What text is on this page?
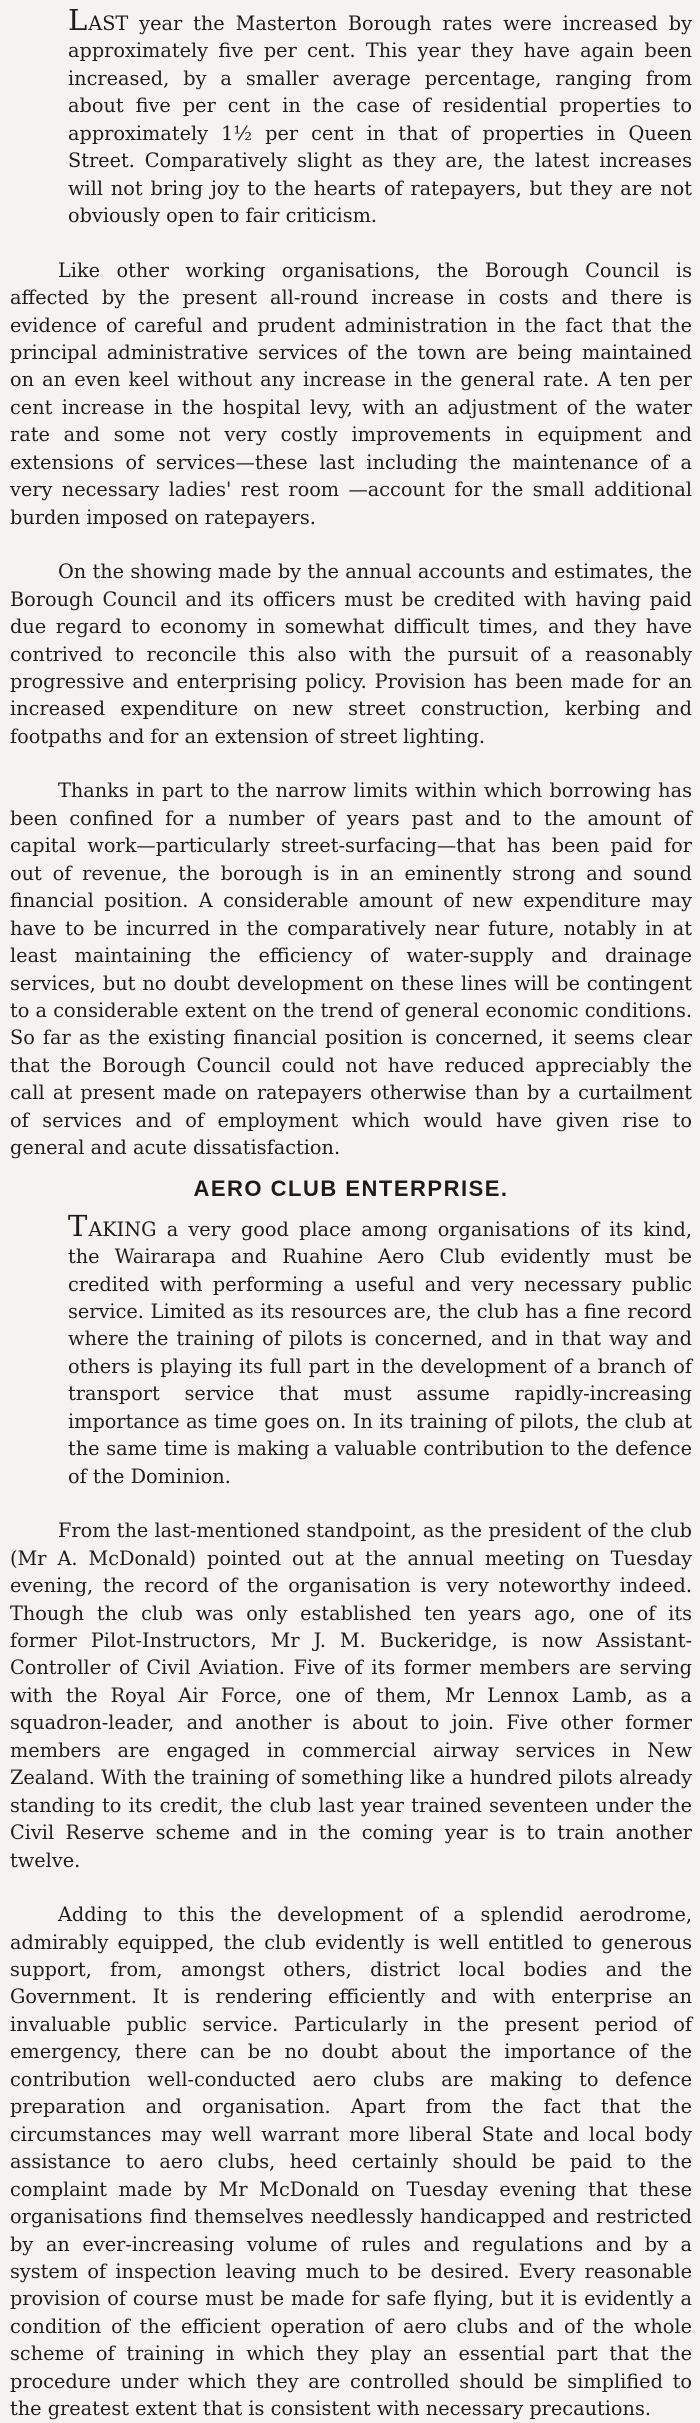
LAST year the Masterton Borough rates were increased by approximately five per cent. This year they have again been increased, by a smaller average percentage, ranging from about five per cent in the case of residential properties to approximately 1½ per cent in that of properties in Queen Street. Comparatively slight as they are, the latest increases will not bring joy to the hearts of ratepayers, but they are not obviously open to fair criticism.

Like other working organisations, the Borough Council is affected by the present all-round increase in costs and there is evidence of careful and prudent administration in the fact that the principal administrative services of the town are being maintained on an even keel without any increase in the general rate. A ten per cent increase in the hospital levy, with an adjustment of the water rate and some not very costly improvements in equipment and extensions of services—these last including the maintenance of a very necessary ladies' rest room —account for the small additional burden imposed on ratepayers.

On the showing made by the annual accounts and estimates, the Borough Council and its officers must be credited with having paid due regard to economy in somewhat difficult times, and they have contrived to reconcile this also with the pursuit of a reasonably progressive and enterprising policy. Provision has been made for an increased expenditure on new street construction, kerbing and footpaths and for an extension of street lighting.

Thanks in part to the narrow limits within which borrowing has been confined for a number of years past and to the amount of capital work—particularly street-surfacing—that has been paid for out of revenue, the borough is in an eminently strong and sound financial position. A considerable amount of new expenditure may have to be incurred in the comparatively near future, notably in at least maintaining the efficiency of water-supply and drainage services, but no doubt development on these lines will be contingent to a considerable extent on the trend of general economic conditions. So far as the existing financial position is concerned, it seems clear that the Borough Council could not have reduced appreciably the call at present made on ratepayers otherwise than by a curtailment of services and of employment which would have given rise to general and acute dissatisfaction.

AERO CLUB ENTERPRISE.

TAKING a very good place among organisations of its kind, the Wairarapa and Ruahine Aero Club evidently must be credited with performing a useful and very necessary public service. Limited as its resources are, the club has a fine record where the training of pilots is concerned, and in that way and others is playing its full part in the development of a branch of transport service that must assume rapidly-increasing importance as time goes on. In its training of pilots, the club at the same time is making a valuable contribution to the defence of the Dominion.

From the last-mentioned standpoint, as the president of the club (Mr A. McDonald) pointed out at the annual meeting on Tuesday evening, the record of the organisation is very noteworthy indeed. Though the club was only established ten years ago, one of its former Pilot-Instructors, Mr J. M. Buckeridge, is now Assistant-Controller of Civil Aviation. Five of its former members are serving with the Royal Air Force, one of them, Mr Lennox Lamb, as a squadron-leader, and another is about to join. Five other former members are engaged in commercial airway services in New Zealand. With the training of something like a hundred pilots already standing to its credit, the club last year trained seventeen under the Civil Reserve scheme and in the coming year is to train another twelve.

Adding to this the development of a splendid aerodrome, admirably equipped, the club evidently is well entitled to generous support, from, amongst others, district local bodies and the Government. It is rendering efficiently and with enterprise an invaluable public service. Particularly in the present period of emergency, there can be no doubt about the importance of the contribution well-conducted aero clubs are making to defence preparation and organisation. Apart from the fact that the circumstances may well warrant more liberal State and local body assistance to aero clubs, heed certainly should be paid to the complaint made by Mr McDonald on Tuesday evening that these organisations find themselves needlessly handicapped and restricted by an ever-increasing volume of rules and regulations and by a system of inspection leaving much to be desired. Every reasonable provision of course must be made for safe flying, but it is evidently a condition of the efficient operation of aero clubs and of the whole scheme of training in which they play an essential part that the procedure under which they are controlled should be simplified to the greatest extent that is consistent with necessary precautions.
